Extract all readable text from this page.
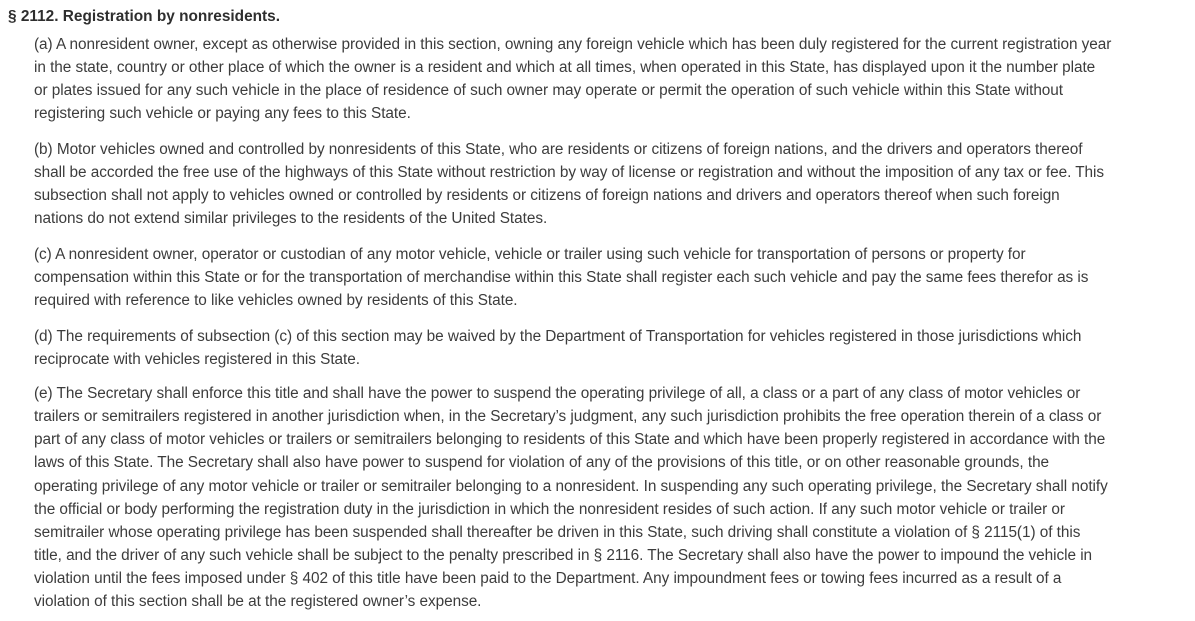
§ 2112. Registration by nonresidents.

(a) A nonresident owner, except as otherwise provided in this section, owning any foreign vehicle which has been duly registered for the current registration year
in the state, country or other place of which the owner is a resident and which at all times, when operated in this State, has displayed upon it the number plate
or plates issued for any such vehicle in the place of residence of such owner may operate or permit the operation of such vehicle within this State without
registering such vehicle or paying any fees to this State.

(b) Motor vehicles owned and controlled by nonresidents of this State, who are residents or citizens of foreign nations, and the drivers and operators thereof
shall be accorded the free use of the highways of this State without restriction by way of license or registration and without the imposition of any tax or fee. This
subsection shall not apply to vehicles owned or controlled by residents or citizens of foreign nations and drivers and operators thereof when such foreign
nations do not extend similar privileges to the residents of the United States.

(c) A nonresident owner, operator or custodian of any motor vehicle, vehicle or trailer using such vehicle for transportation of persons or property for
compensation within this State or for the transportation of merchandise within this State shall register each such vehicle and pay the same fees therefor as is
required with reference to like vehicles owned by residents of this State.

(d) The requirements of subsection (c) of this section may be waived by the Department of Transportation for vehicles registered in those jurisdictions which
reciprocate with vehicles registered in this State.

(e) The Secretary shall enforce this title and shall have the power to suspend the operating privilege of all, a class or a part of any class of motor vehicles or
trailers or semitrailers registered in another jurisdiction when, in the Secretary’s judgment, any such jurisdiction prohibits the free operation therein of a class or
part of any class of motor vehicles or trailers or semitrailers belonging to residents of this State and which have been properly registered in accordance with the
laws of this State. The Secretary shall also have power to suspend for violation of any of the provisions of this title, or on other reasonable grounds, the
operating privilege of any motor vehicle or trailer or semitrailer belonging to a nonresident. In suspending any such operating privilege, the Secretary shall notify
the official or body performing the registration duty in the jurisdiction in which the nonresident resides of such action. If any such motor vehicle or trailer or
semitrailer whose operating privilege has been suspended shall thereafter be driven in this State, such driving shall constitute a violation of § 2115(1) of this
title, and the driver of any such vehicle shall be subject to the penalty prescribed in § 2116. The Secretary shall also have the power to impound the vehicle in
violation until the fees imposed under § 402 of this title have been paid to the Department. Any impoundment fees or towing fees incurred as a result of a
violation of this section shall be at the registered owner’s expense.
